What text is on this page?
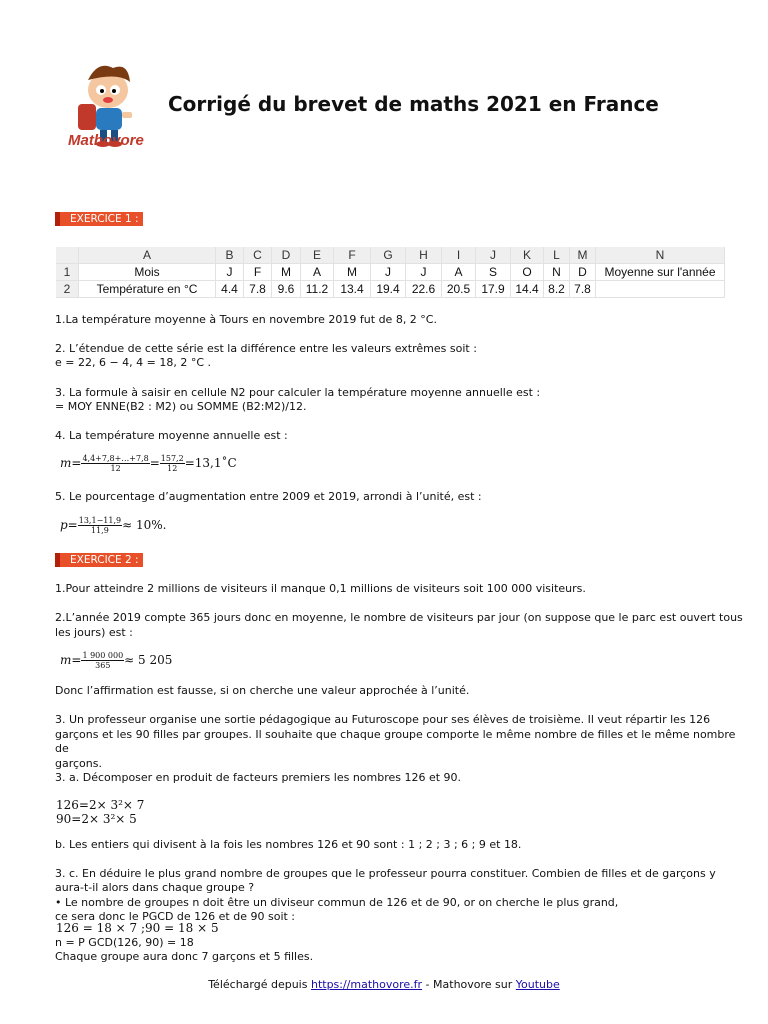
Mathovore
Corrigé du brevet de maths 2021 en France
EXERCICE 1 :
	A	B	C	D	E	F	G	H	I	J	K	L	M	N
1	Mois	J	F	M	A	M	J	J	A	S	O	N	D	Moyenne sur l'année
2	Température en °C	4.4	7.8	9.6	11.2	13.4	19.4	22.6	20.5	17.9	14.4	8.2	7.8	
1.La température moyenne à Tours en novembre 2019 fut de 8, 2 °C.
2. L’étendue de cette série est la différence entre les valeurs extrêmes soit :
e = 22, 6 − 4, 4 = 18, 2 °C .
3. La formule à saisir en cellule N2 pour calculer la température moyenne annuelle est :
= MOY ENNE(B2 : M2) ou SOMME (B2:M2)/12.
4. La température moyenne annuelle est :
$m= \frac{4,4+7,8+\dots+7,8}{12} = \frac{157,2}{12}$ =13,1˚C
5. Le pourcentage d’augmentation entre 2009 et 2019, arrondi à l’unité, est :
$p= \frac{13,1-11,9}{11,9} \approx 10\%$.
EXERCICE 2 :
1.Pour atteindre 2 millions de visiteurs il manque 0,1 millions de visiteurs soit 100 000 visiteurs.
2.L’année 2019 compte 365 jours donc en moyenne, le nombre de visiteurs par jour (on suppose que le parc est ouvert tous
les jours) est :
$m= \frac{1 900 000}{365} \approx 5$ 205
Donc l’affirmation est fausse, si on cherche une valeur approchée à l’unité.
3. Un professeur organise une sortie pédagogique au Futuroscope pour ses élèves de troisième. Il veut répartir les 126
garçons et les 90 filles par groupes. Il souhaite que chaque groupe comporte le même nombre de filles et le même nombre
de
garçons.
3. a. Décomposer en produit de facteurs premiers les nombres 126 et 90.
126=2× 3²× 7
90=2× 3²× 5
b. Les entiers qui divisent à la fois les nombres 126 et 90 sont : 1 ; 2 ; 3 ; 6 ; 9 et 18.
3. c. En déduire le plus grand nombre de groupes que le professeur pourra constituer. Combien de filles et de garçons y
aura-t-il alors dans chaque groupe ?
• Le nombre de groupes n doit être un diviseur commun de 126 et de 90, or on cherche le plus grand,
ce sera donc le PGCD de 126 et de 90 soit :
126 = 18 × 7 ;90 = 18 × 5
n = P GCD(126, 90) = 18
Chaque groupe aura donc 7 garçons et 5 filles.
Téléchargé depuis https://mathovore.fr - Mathovore sur Youtube
